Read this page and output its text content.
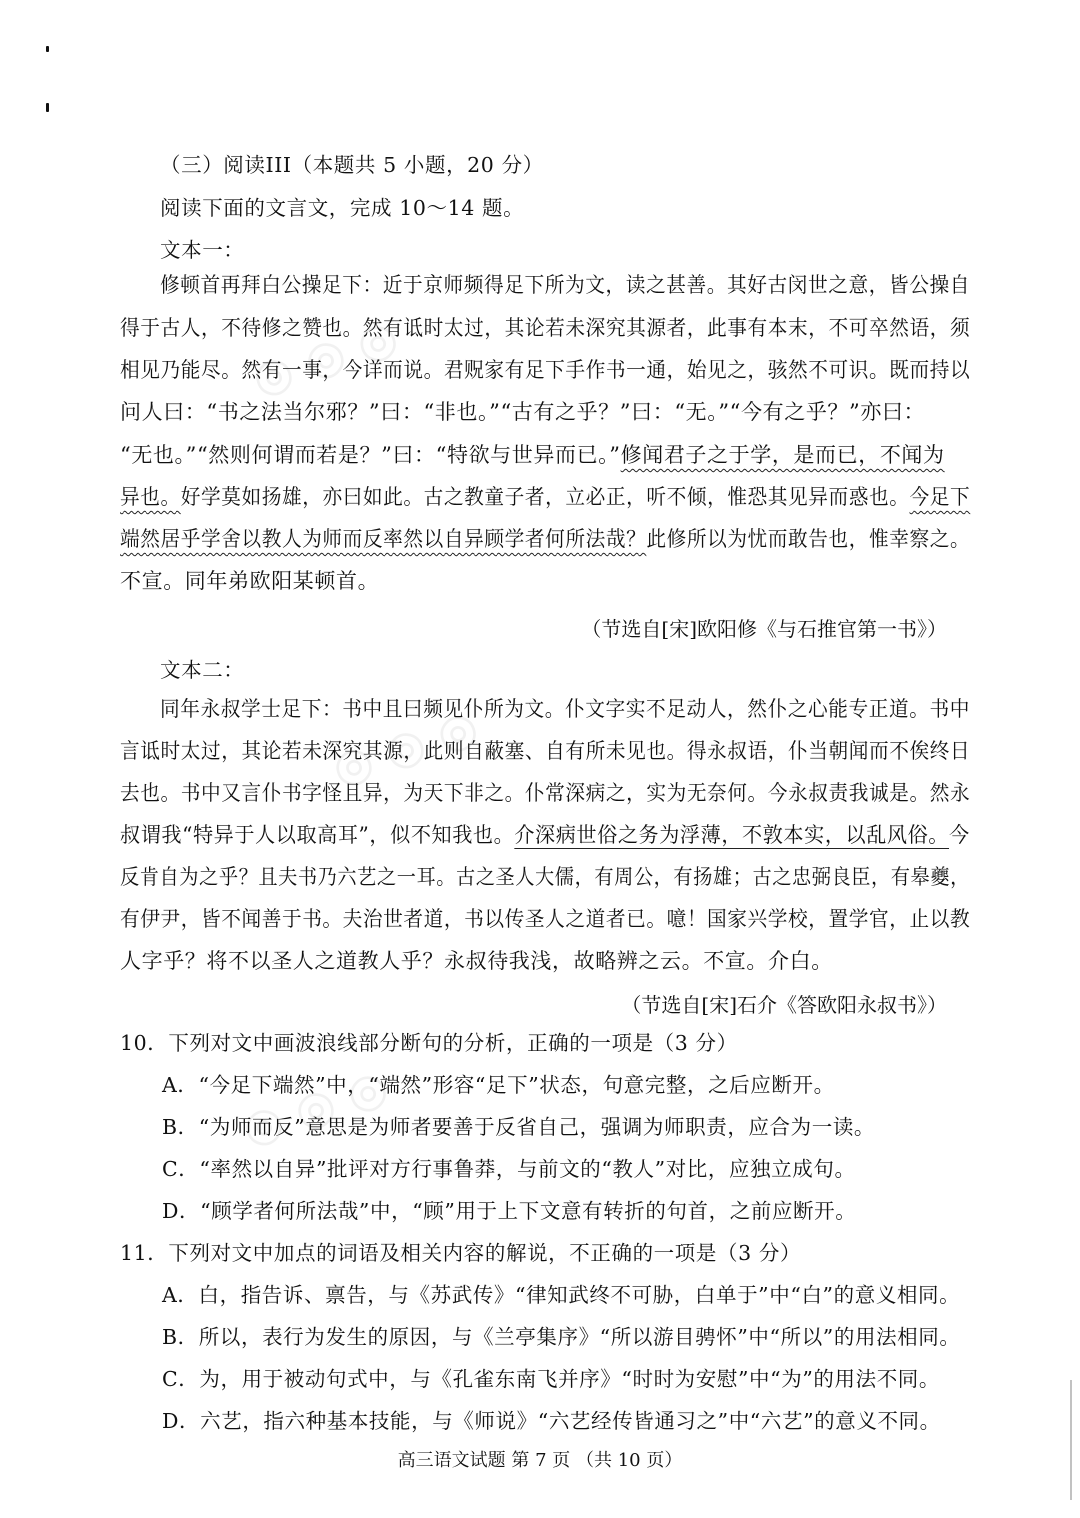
◎ ◎ ◎
◎ ◎ ◎
◎ ◎ ◎
（三）阅读III（本题共 5 小题，20 分）
阅读下面的文言文，完成 10～14 题。
文本一：
修顿首再拜白公操足下：近于京师频得足下所为文，读之甚善。其好古闵世之意，皆公操自
得于古人，不待修之赞也。然有诋时太过，其论若未深究其源者，此事有本末，不可卒然语，须
相见乃能尽。然有一事，今详而说。君贶家有足下手作书一通，始见之，骇然不可识。既而持以
问人曰：“书之法当尔邪？”曰：“非也。”“古有之乎？”曰：“无。”“今有之乎？”亦曰：
“无也。”“然则何谓而若是？”曰：“特欲与世异而已。”修闻君子之于学，是而已，不闻为
异也。好学莫如扬雄，亦曰如此。古之教童子者，立必正，听不倾，惟恐其见异而惑也。今足下
端然居乎学舍以教人为师而反率然以自异顾学者何所法哉？此修所以为忧而敢告也，惟幸察之。
不宣。同年弟欧阳某顿首。
（节选自[宋]欧阳修《与石推官第一书》）
文本二：
同年永叔学士足下：书中且曰频见仆所为文。仆文字实不足动人，然仆之心能专正道。书中
言诋时太过，其论若未深究其源，此则自蔽塞、自有所未见也。得永叔语，仆当朝闻而不俟终日
去也。书中又言仆书字怪且异，为天下非之。仆常深病之，实为无奈何。今永叔责我诚是。然永
叔谓我“特异于人以取高耳”，似不知我也。介深病世俗之务为浮薄，不敦本实，以乱风俗。今
反肯自为之乎？且夫书乃六艺之一耳。古之圣人大儒，有周公，有扬雄；古之忠弼良臣，有皋夔，
有伊尹，皆不闻善于书。夫治世者道，书以传圣人之道者已。噫！国家兴学校，置学官，止以教
人字乎？将不以圣人之道教人乎？永叔待我浅，故略辨之云。不宣。介白。
（节选自[宋]石介《答欧阳永叔书》）
10．下列对文中画波浪线部分断句的分析，正确的一项是（3 分）
A．“今足下端然”中，“端然”形容“足下”状态，句意完整，之后应断开。
B．“为师而反”意思是为师者要善于反省自己，强调为师职责，应合为一读。
C．“率然以自异”批评对方行事鲁莽，与前文的“教人”对比，应独立成句。
D．“顾学者何所法哉”中，“顾”用于上下文意有转折的句首，之前应断开。
11．下列对文中加点的词语及相关内容的解说，不正确的一项是（3 分）
A．白，指告诉、禀告，与《苏武传》“律知武终不可胁，白单于”中“白”的意义相同。
B．所以，表行为发生的原因，与《兰亭集序》“所以游目骋怀”中“所以”的用法相同。
C．为，用于被动句式中，与《孔雀东南飞并序》“时时为安慰”中“为”的用法不同。
D．六艺，指六种基本技能，与《师说》“六艺经传皆通习之”中“六艺”的意义不同。
高三语文试题 第 7 页 （共 10 页）
